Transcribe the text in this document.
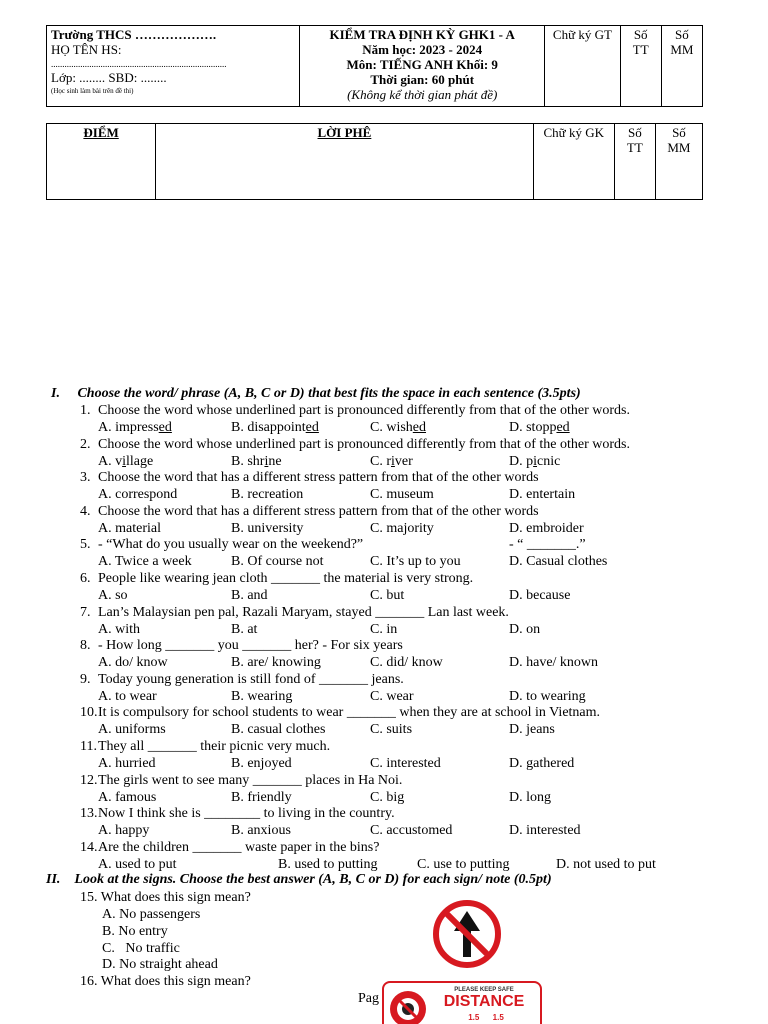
Trường THCS ……………….
HỌ TÊN HS:
..............................................................................
Lớp: ........ SBD: ........
(Học sinh làm bài trên đề thi)

KIỂM TRA ĐỊNH KỲ GHK1 - A
Năm học: 2023 - 2024
Môn: TIẾNG ANH Khối: 9
Thời gian: 60 phút
(Không kể thời gian phát đề)
	Chữ ký GT	Số TT	Số MM
ĐIỂM	LỜI PHÊ	Chữ ký GK	Số TT	Số MM
I.     Choose the word/ phrase (A, B, C or D) that best fits the space in each sentence (3.5pts)
1. Choose the word whose underlined part is pronounced differently from that of the other words.
A. impressed	B. disappointed	C. wished	D. stopped
2. Choose the word whose underlined part is pronounced differently from that of the other words.
A. village	B. shrine	C. river	D. picnic
3. Choose the word that has a different stress pattern from that of the other words
A. correspond	B. recreation	C. museum	D. entertain
4. Choose the word that has a different stress pattern from that of the other words
A. material	B. university	C. majority	D. embroider
5. - “What do you usually wear on the weekend?”	- “ _______.”
A. Twice a week	B. Of course not	C. It’s up to you	D. Casual clothes
6. People like wearing jean cloth _______ the material is very strong.
A. so	B. and	C. but	D. because
7. Lan’s Malaysian pen pal, Razali Maryam, stayed _______ Lan last week.
A. with	B. at	C. in	D. on
8. - How long _______ you _______ her? - For six years
A. do/ know	B. are/ knowing	C. did/ know	D. have/ known
9. Today young generation is still fond of _______ jeans.
A. to wear	B. wearing	C. wear	D. to wearing
10. It is compulsory for school students to wear _______ when they are at school in Vietnam.
A. uniforms	B. casual clothes	C. suits	D. jeans
11. They all _______ their picnic very much.
A. hurried	B. enjoyed	C. interested	D. gathered
12. The girls went to see many _______ places in Ha Noi.
A. famous	B. friendly	C. big	D. long
13. Now I think she is ________ to living in the country.
A. happy	B. anxious	C. accustomed	D. interested
14. Are the children _______ waste paper in the bins?
A. used to put	B. used to putting	C. use to putting	D. not used to put
II.    Look at the signs. Choose the best answer (A, B, C or D) for each sign/ note (0.5pt)
15. What does this sign mean?
A. No passengers
B. No entry
C.   No traffic
D. No straight ahead
16. What does this sign mean?
PLEASE KEEP SAFE
DISTANCE
1.5      1.5
Pag
